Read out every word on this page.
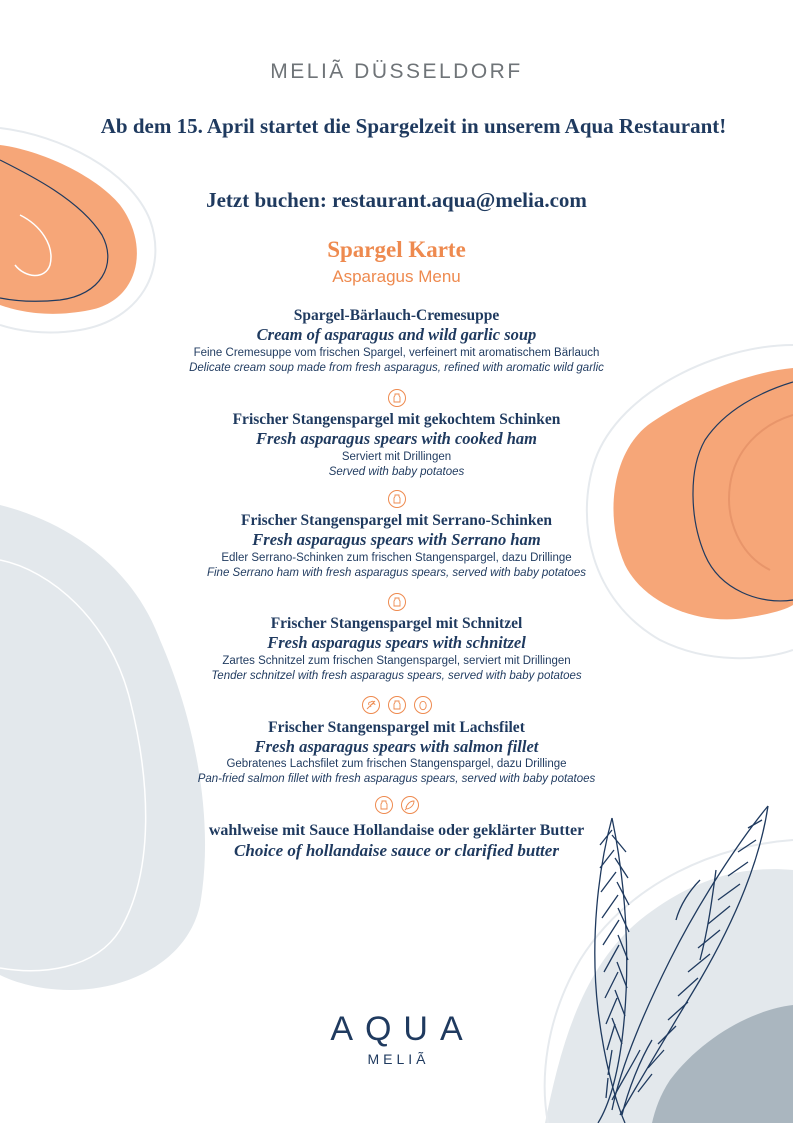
MELIÃ DÜSSELDORF
Ab dem 15. April startet die Spargelzeit in unserem Aqua Restaurant!
Jetzt buchen: restaurant.aqua@melia.com
Spargel Karte
Asparagus Menu
Spargel-Bärlauch-Cremesuppe
Cream of asparagus and wild garlic soup
Feine Cremesuppe vom frischen Spargel, verfeinert mit aromatischem Bärlauch
Delicate cream soup made from fresh asparagus, refined with aromatic wild garlic
Frischer Stangenspargel mit gekochtem Schinken
Fresh asparagus spears with cooked ham
Serviert mit Drillingen
Served with baby potatoes
Frischer Stangenspargel mit Serrano-Schinken
Fresh asparagus spears with Serrano ham
Edler Serrano-Schinken zum frischen Stangenspargel, dazu Drillinge
Fine Serrano ham with fresh asparagus spears, served with baby potatoes
Frischer Stangenspargel mit Schnitzel
Fresh asparagus spears with schnitzel
Zartes Schnitzel zum frischen Stangenspargel, serviert mit Drillingen
Tender schnitzel with fresh asparagus spears, served with baby potatoes

Frischer Stangenspargel mit Lachsfilet
Fresh asparagus spears with salmon fillet
Gebratenes Lachsfilet zum frischen Stangenspargel, dazu Drillinge
Pan-fried salmon fillet with fresh asparagus spears, served with baby potatoes

wahlweise mit Sauce Hollandaise oder geklärter Butter
Choice of hollandaise sauce or clarified butter
AQUA
MELIÃ
